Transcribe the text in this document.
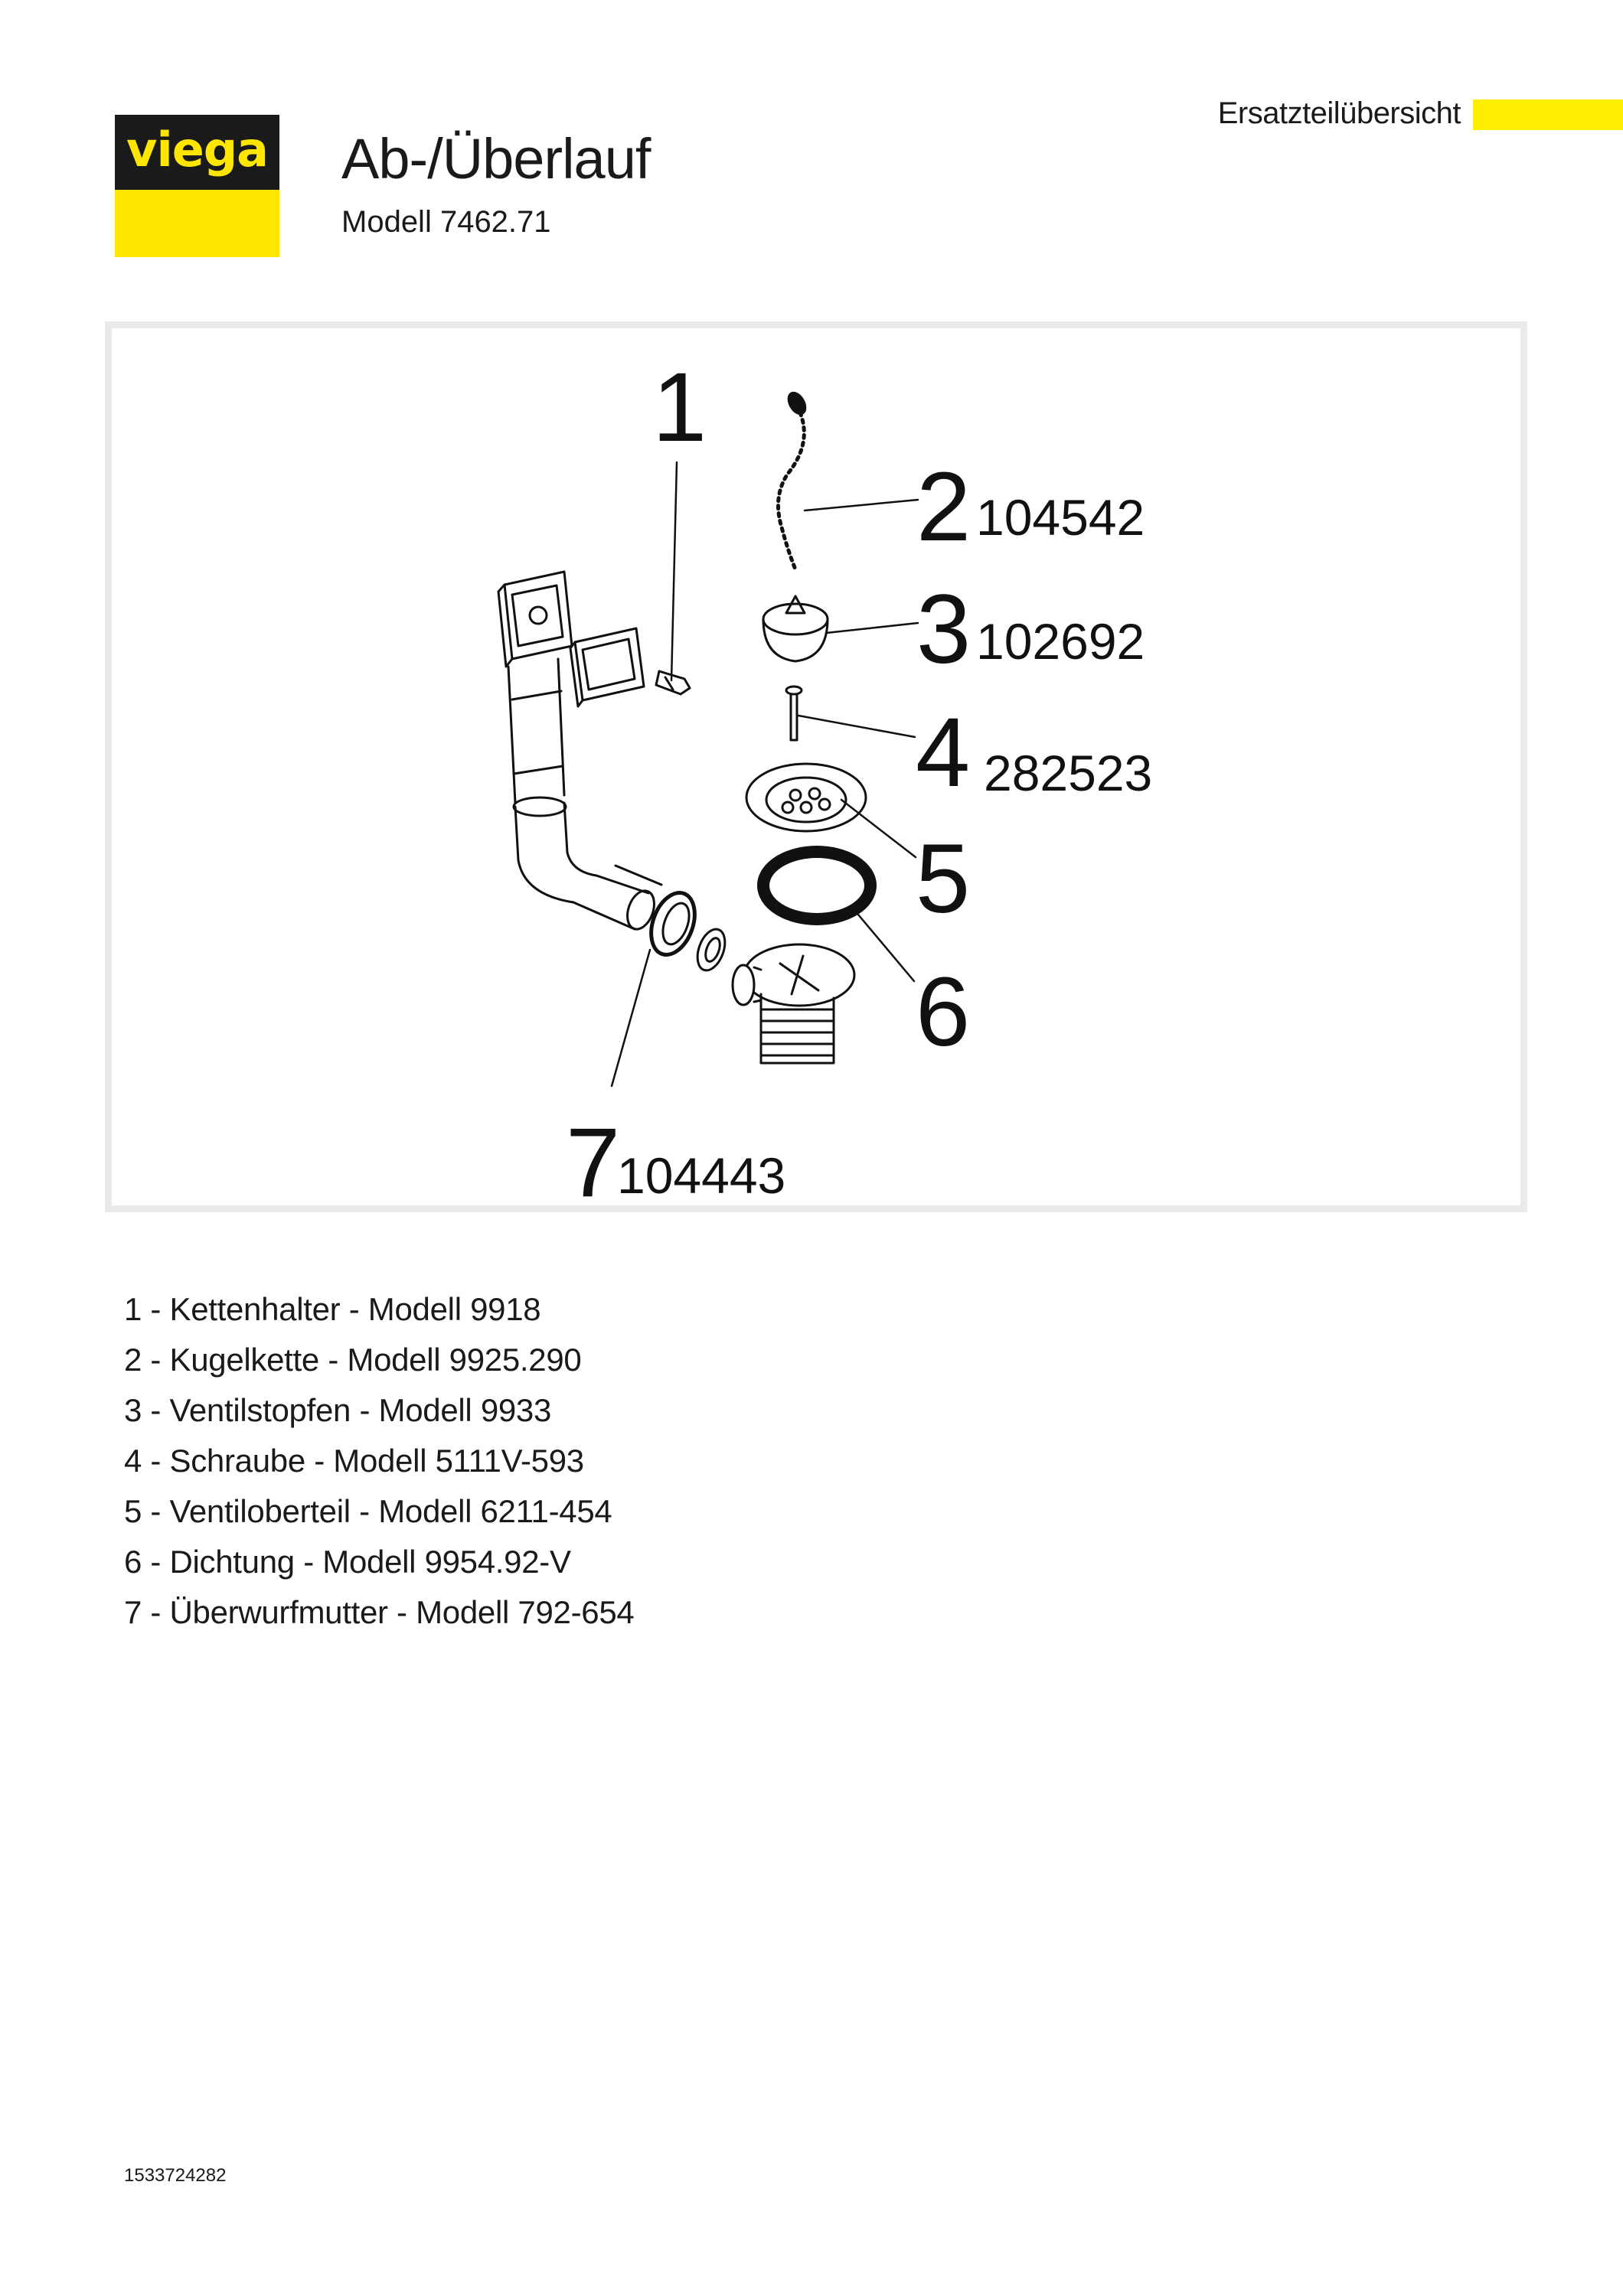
viega Ab-/Überlauf
Modell 7462.71
Ersatzteilübersicht
1
2 104542
3 102692
4 282523
5
6
7
104443
1 - Kettenhalter - Modell 9918
2 - Kugelkette - Modell 9925.290
3 - Ventilstopfen - Modell 9933
4 - Schraube - Modell 5111V-593
5 - Ventiloberteil - Modell 6211-454
6 - Dichtung - Modell 9954.92-V
7 - Überwurfmutter - Modell 792-654
1533724282
